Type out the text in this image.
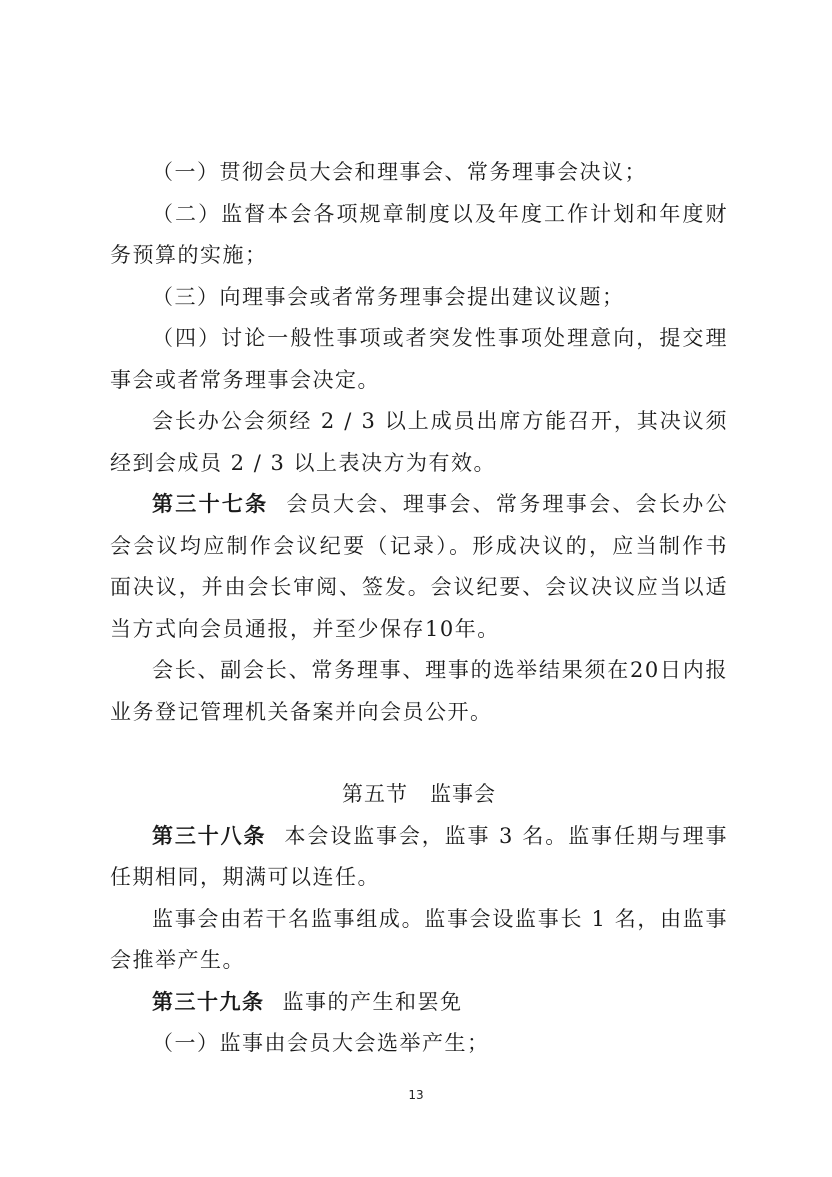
（一）贯彻会员大会和理事会、常务理事会决议；

（二）监督本会各项规章制度以及年度工作计划和年度财务预算的实施；

（三）向理事会或者常务理事会提出建议议题；

（四）讨论一般性事项或者突发性事项处理意向，提交理事会或者常务理事会决定。

会长办公会须经 2 / 3 以上成员出席方能召开，其决议须经到会成员 2 / 3 以上表决方为有效。

第三十七条 会员大会、理事会、常务理事会、会长办公会会议均应制作会议纪要（记录）。形成决议的，应当制作书面决议，并由会长审阅、签发。会议纪要、会议决议应当以适当方式向会员通报，并至少保存10年。

会长、副会长、常务理事、理事的选举结果须在20日内报业务登记管理机关备案并向会员公开。

第五节 监事会

第三十八条 本会设监事会，监事 3 名。监事任期与理事任期相同，期满可以连任。

监事会由若干名监事组成。监事会设监事长 1 名，由监事会推举产生。

第三十九条 监事的产生和罢免

（一）监事由会员大会选举产生；

13
